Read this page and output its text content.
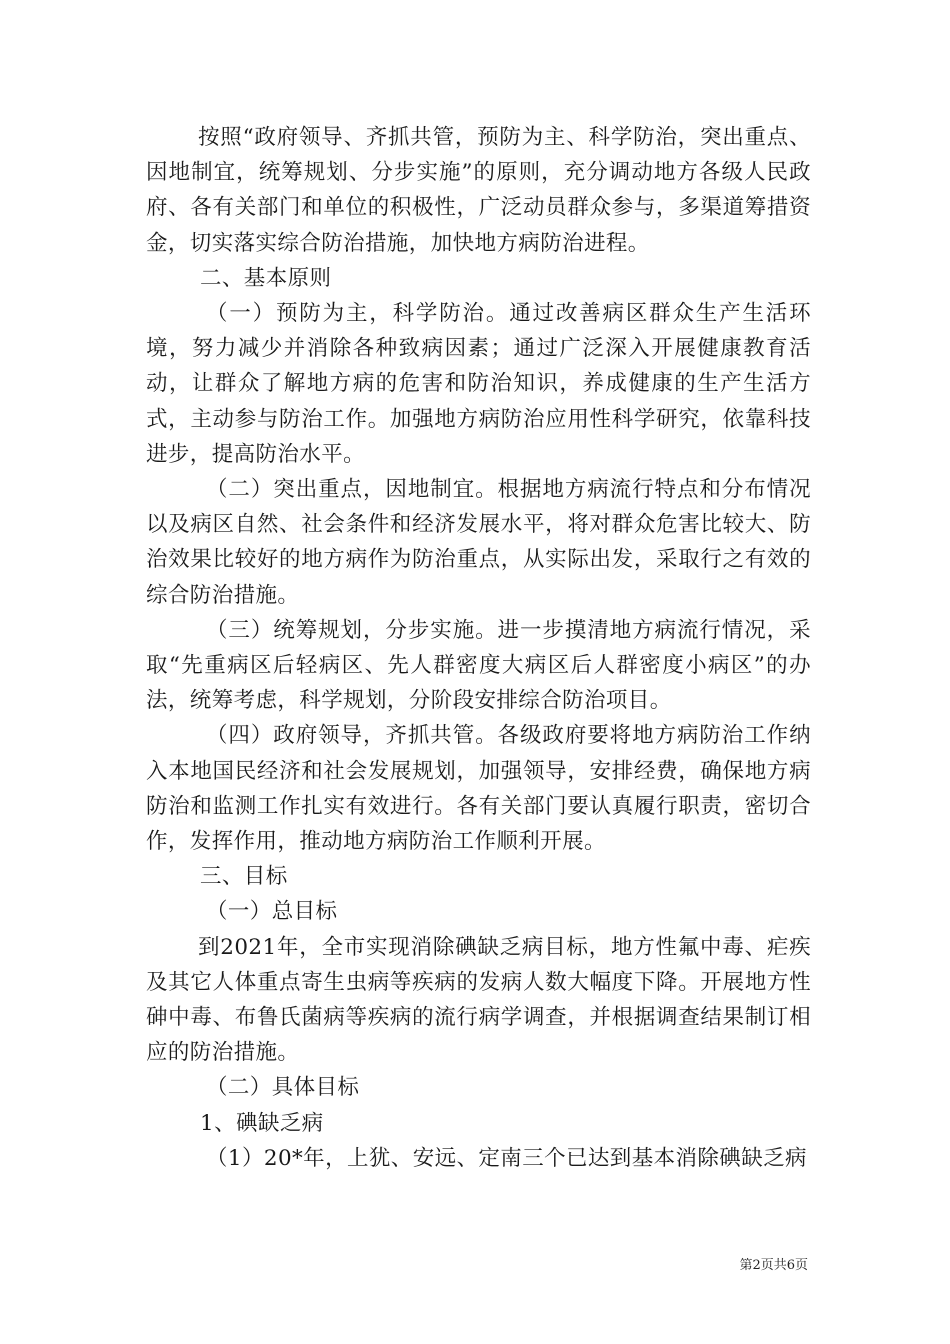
按照“政府领导、齐抓共管，预防为主、科学防治，突出重点、因地制宜，统筹规划、分步实施”的原则，充分调动地方各级人民政府、各有关部门和单位的积极性，广泛动员群众参与，多渠道筹措资金，切实落实综合防治措施，加快地方病防治进程。

二、基本原则

（一）预防为主，科学防治。通过改善病区群众生产生活环境，努力减少并消除各种致病因素；通过广泛深入开展健康教育活动，让群众了解地方病的危害和防治知识，养成健康的生产生活方式，主动参与防治工作。加强地方病防治应用性科学研究，依靠科技进步，提高防治水平。

（二）突出重点，因地制宜。根据地方病流行特点和分布情况以及病区自然、社会条件和经济发展水平，将对群众危害比较大、防治效果比较好的地方病作为防治重点，从实际出发，采取行之有效的综合防治措施。

（三）统筹规划，分步实施。进一步摸清地方病流行情况，采取“先重病区后轻病区、先人群密度大病区后人群密度小病区”的办法，统筹考虑，科学规划，分阶段安排综合防治项目。

（四）政府领导，齐抓共管。各级政府要将地方病防治工作纳入本地国民经济和社会发展规划，加强领导，安排经费，确保地方病防治和监测工作扎实有效进行。各有关部门要认真履行职责，密切合作，发挥作用，推动地方病防治工作顺利开展。

三、目标

（一）总目标

到2021年，全市实现消除碘缺乏病目标，地方性氟中毒、疟疾及其它人体重点寄生虫病等疾病的发病人数大幅度下降。开展地方性砷中毒、布鲁氏菌病等疾病的流行病学调查，并根据调查结果制订相应的防治措施。

（二）具体目标

1、碘缺乏病

（1）20*年，上犹、安远、定南三个已达到基本消除碘缺乏病

第2页共6页
